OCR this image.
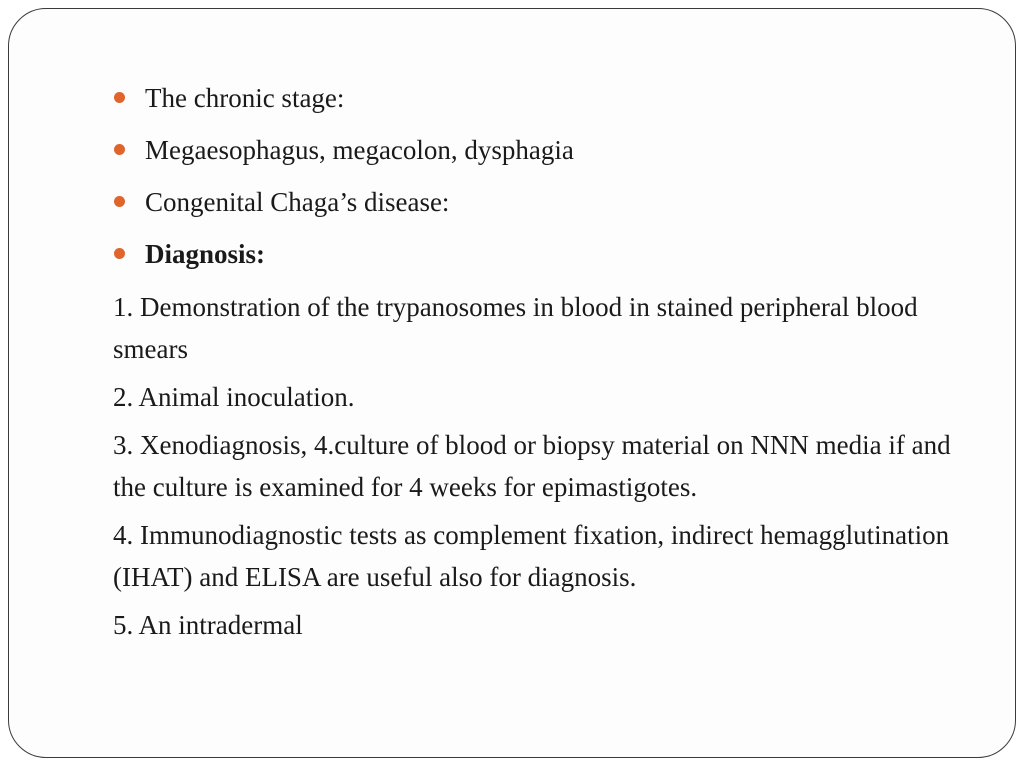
The chronic stage:
Megaesophagus, megacolon, dysphagia
Congenital Chaga’s disease:
Diagnosis:
1. Demonstration of the trypanosomes in blood in stained peripheral blood smears
2. Animal inoculation.
3. Xenodiagnosis, 4.culture of blood or biopsy material on NNN media if and the culture is examined for 4 weeks for epimastigotes.
4. Immunodiagnostic tests as complement fixation, indirect hemagglutination (IHAT) and ELISA are useful also for diagnosis.
5. An intradermal
